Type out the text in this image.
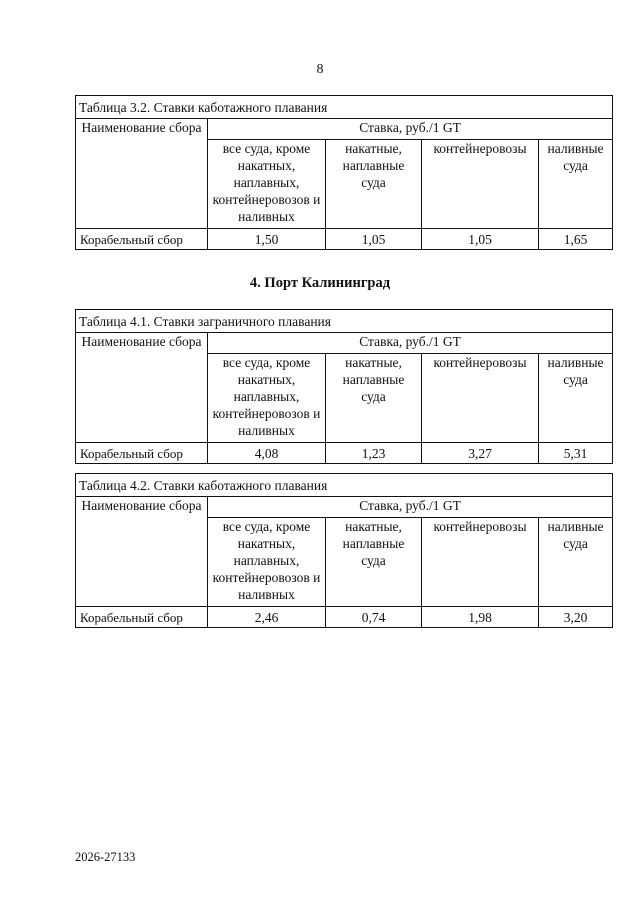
8
Таблица 3.2. Ставки каботажного плавания				
Наименование сбора	Ставка, руб./1 GT			
	все суда, кроме накатных, наплавных, контейнеровозов и наливных	накатные, наплавные суда	контейнеровозы	наливные суда
Корабельный сбор	1,50	1,05	1,05	1,65
4. Порт Калининград
Таблица 4.1. Ставки заграничного плавания				
Наименование сбора	Ставка, руб./1 GT			
	все суда, кроме накатных, наплавных, контейнеровозов и наливных	накатные, наплавные суда	контейнеровозы	наливные суда
Корабельный сбор	4,08	1,23	3,27	5,31
Таблица 4.2. Ставки каботажного плавания				
Наименование сбора	Ставка, руб./1 GT			
	все суда, кроме накатных, наплавных, контейнеровозов и наливных	накатные, наплавные суда	контейнеровозы	наливные суда
Корабельный сбор	2,46	0,74	1,98	3,20
2026-27133
